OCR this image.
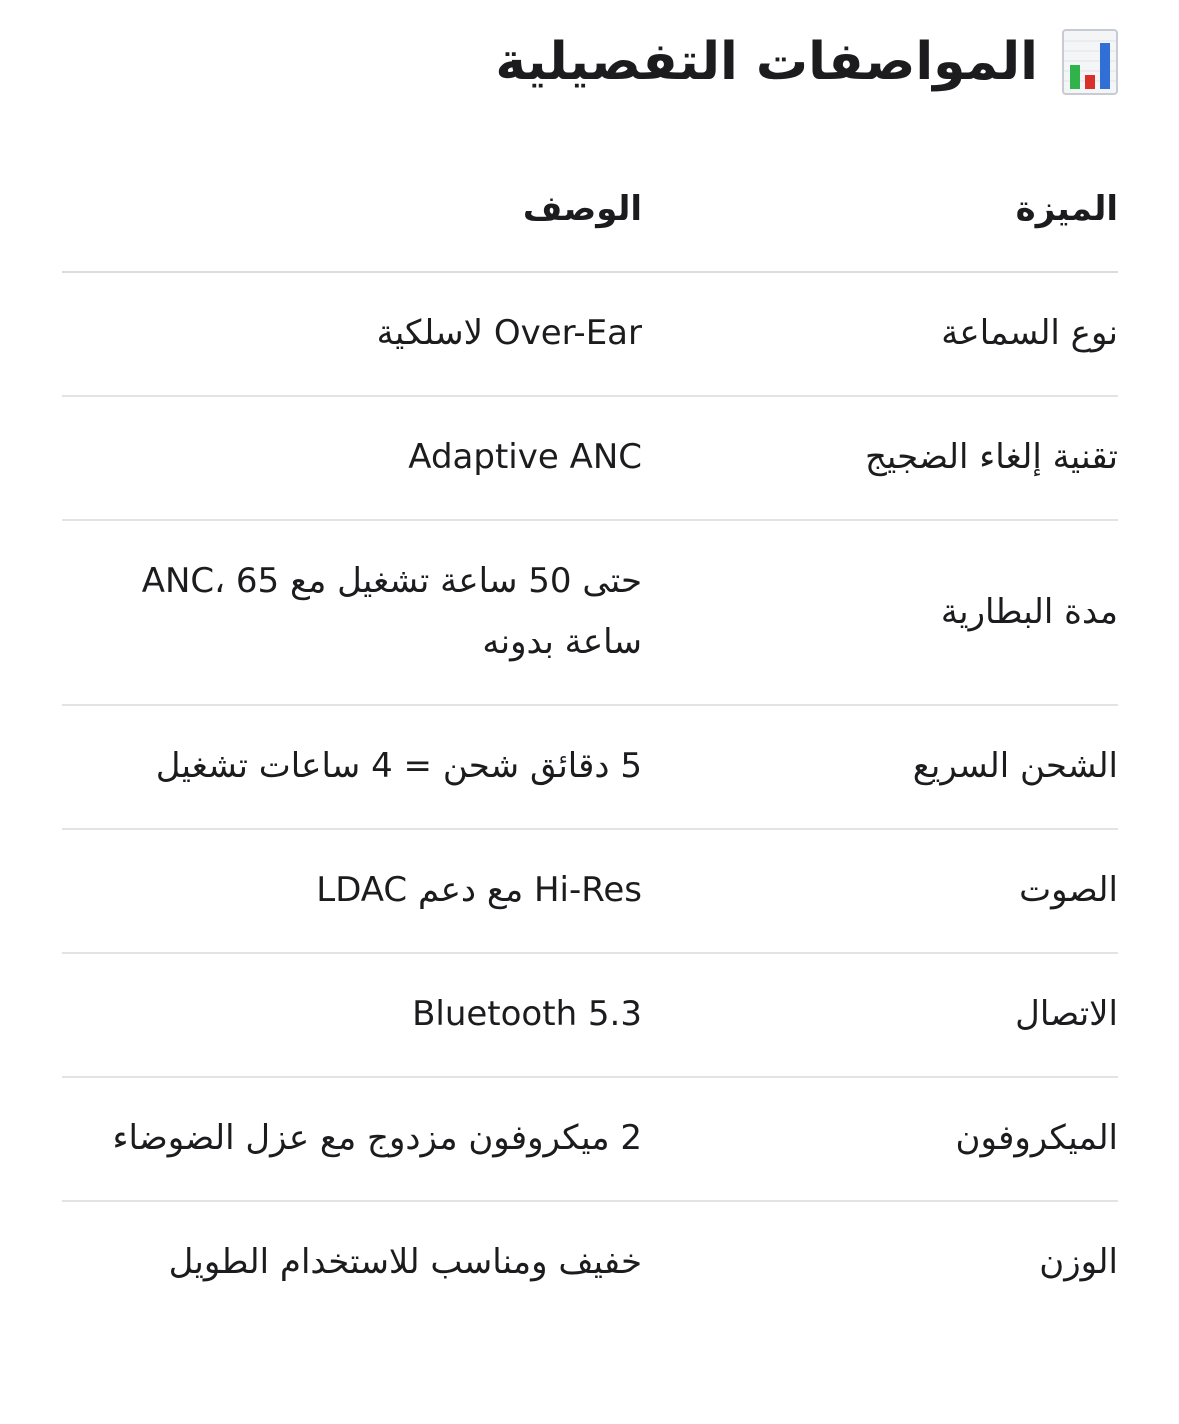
المواصفات التفصيلية
الميزة	الوصف
نوع السماعة	Over-Ear لاسلكية

تقنية إلغاء الضجيج	Adaptive ANC

مدة البطارية	حتى 50 ساعة تشغيل مع ANC، 65 ساعة بدونه

الشحن السريع	5 دقائق شحن = 4 ساعات تشغيل

الصوت	Hi-Res مع دعم LDAC

الاتصال	Bluetooth 5.3

الميكروفون	2 ميكروفون مزدوج مع عزل الضوضاء

الوزن	خفيف ومناسب للاستخدام الطويل
